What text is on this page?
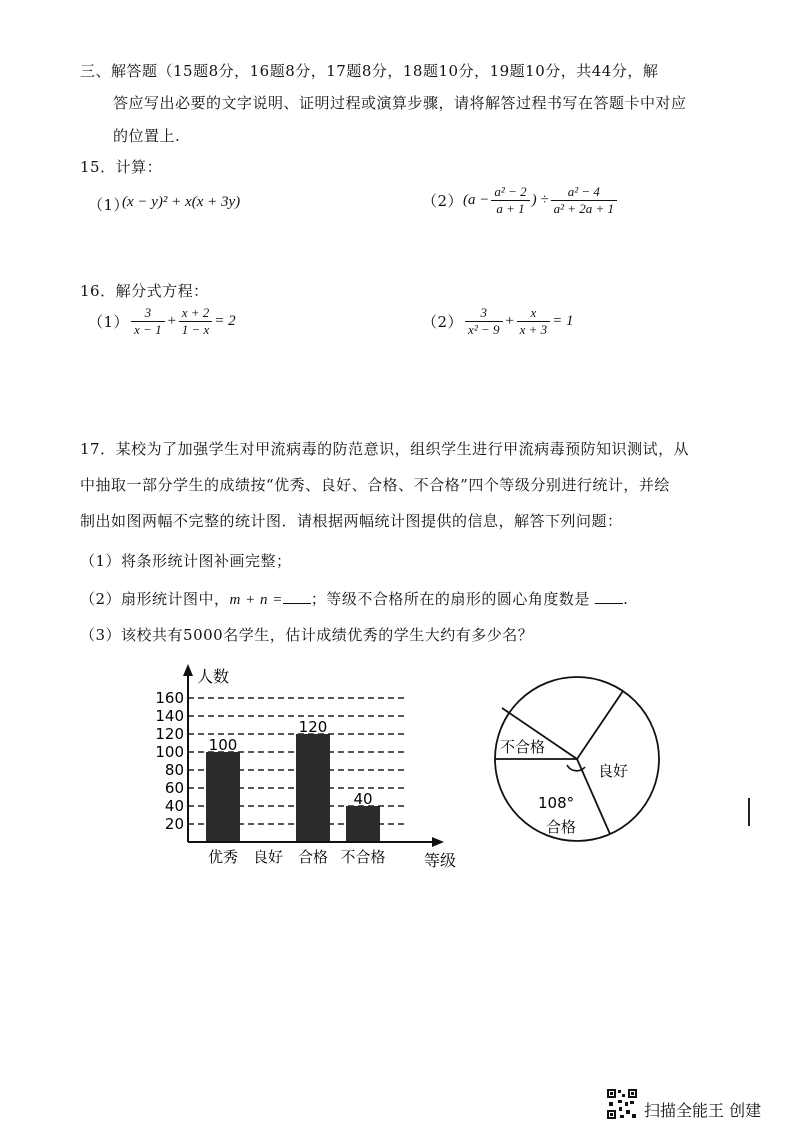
三、解答题（15题8分，16题8分，17题8分，18题10分，19题10分，共44分，解
答应写出必要的文字说明、证明过程或演算步骤，请将解答过程书写在答题卡中对应
的位置上.
15．计算：
（1）
(x − y)² + x(x + 3y)	（2） ($a - \frac{\text{a² − 2}}{a + 1}$ ) ÷ $\frac{\text{a² − 4}}{\text{a² + 2a + 1}}$
16．解分式方程：
$(1) \frac{3}{x - 1} + \frac{x + 2}{1 - x} = 2$	$(2) \frac{3}{\text{x² − 9}} + \frac{x}{x + 3} = 1$
17．某校为了加强学生对甲流病毒的防范意识，组织学生进行甲流病毒预防知识测试，从
中抽取一部分学生的成绩按“优秀、良好、合格、不合格”四个等级分别进行统计，并绘
制出如图两幅不完整的统计图．请根据两幅统计图提供的信息，解答下列问题：
（1）将条形统计图补画完整；
（2）扇形统计图中，m + n = ；等级不合格所在的扇形的圆心角度数是 .
（3）该校共有5000名学生，估计成绩优秀的学生大约有多少名？
20
40
60
80
100
120
140
160
优秀 良好 合格 不合格
100
120
40
人数
等级
不合格
良好
108°
合格
扫描全能王 创建
